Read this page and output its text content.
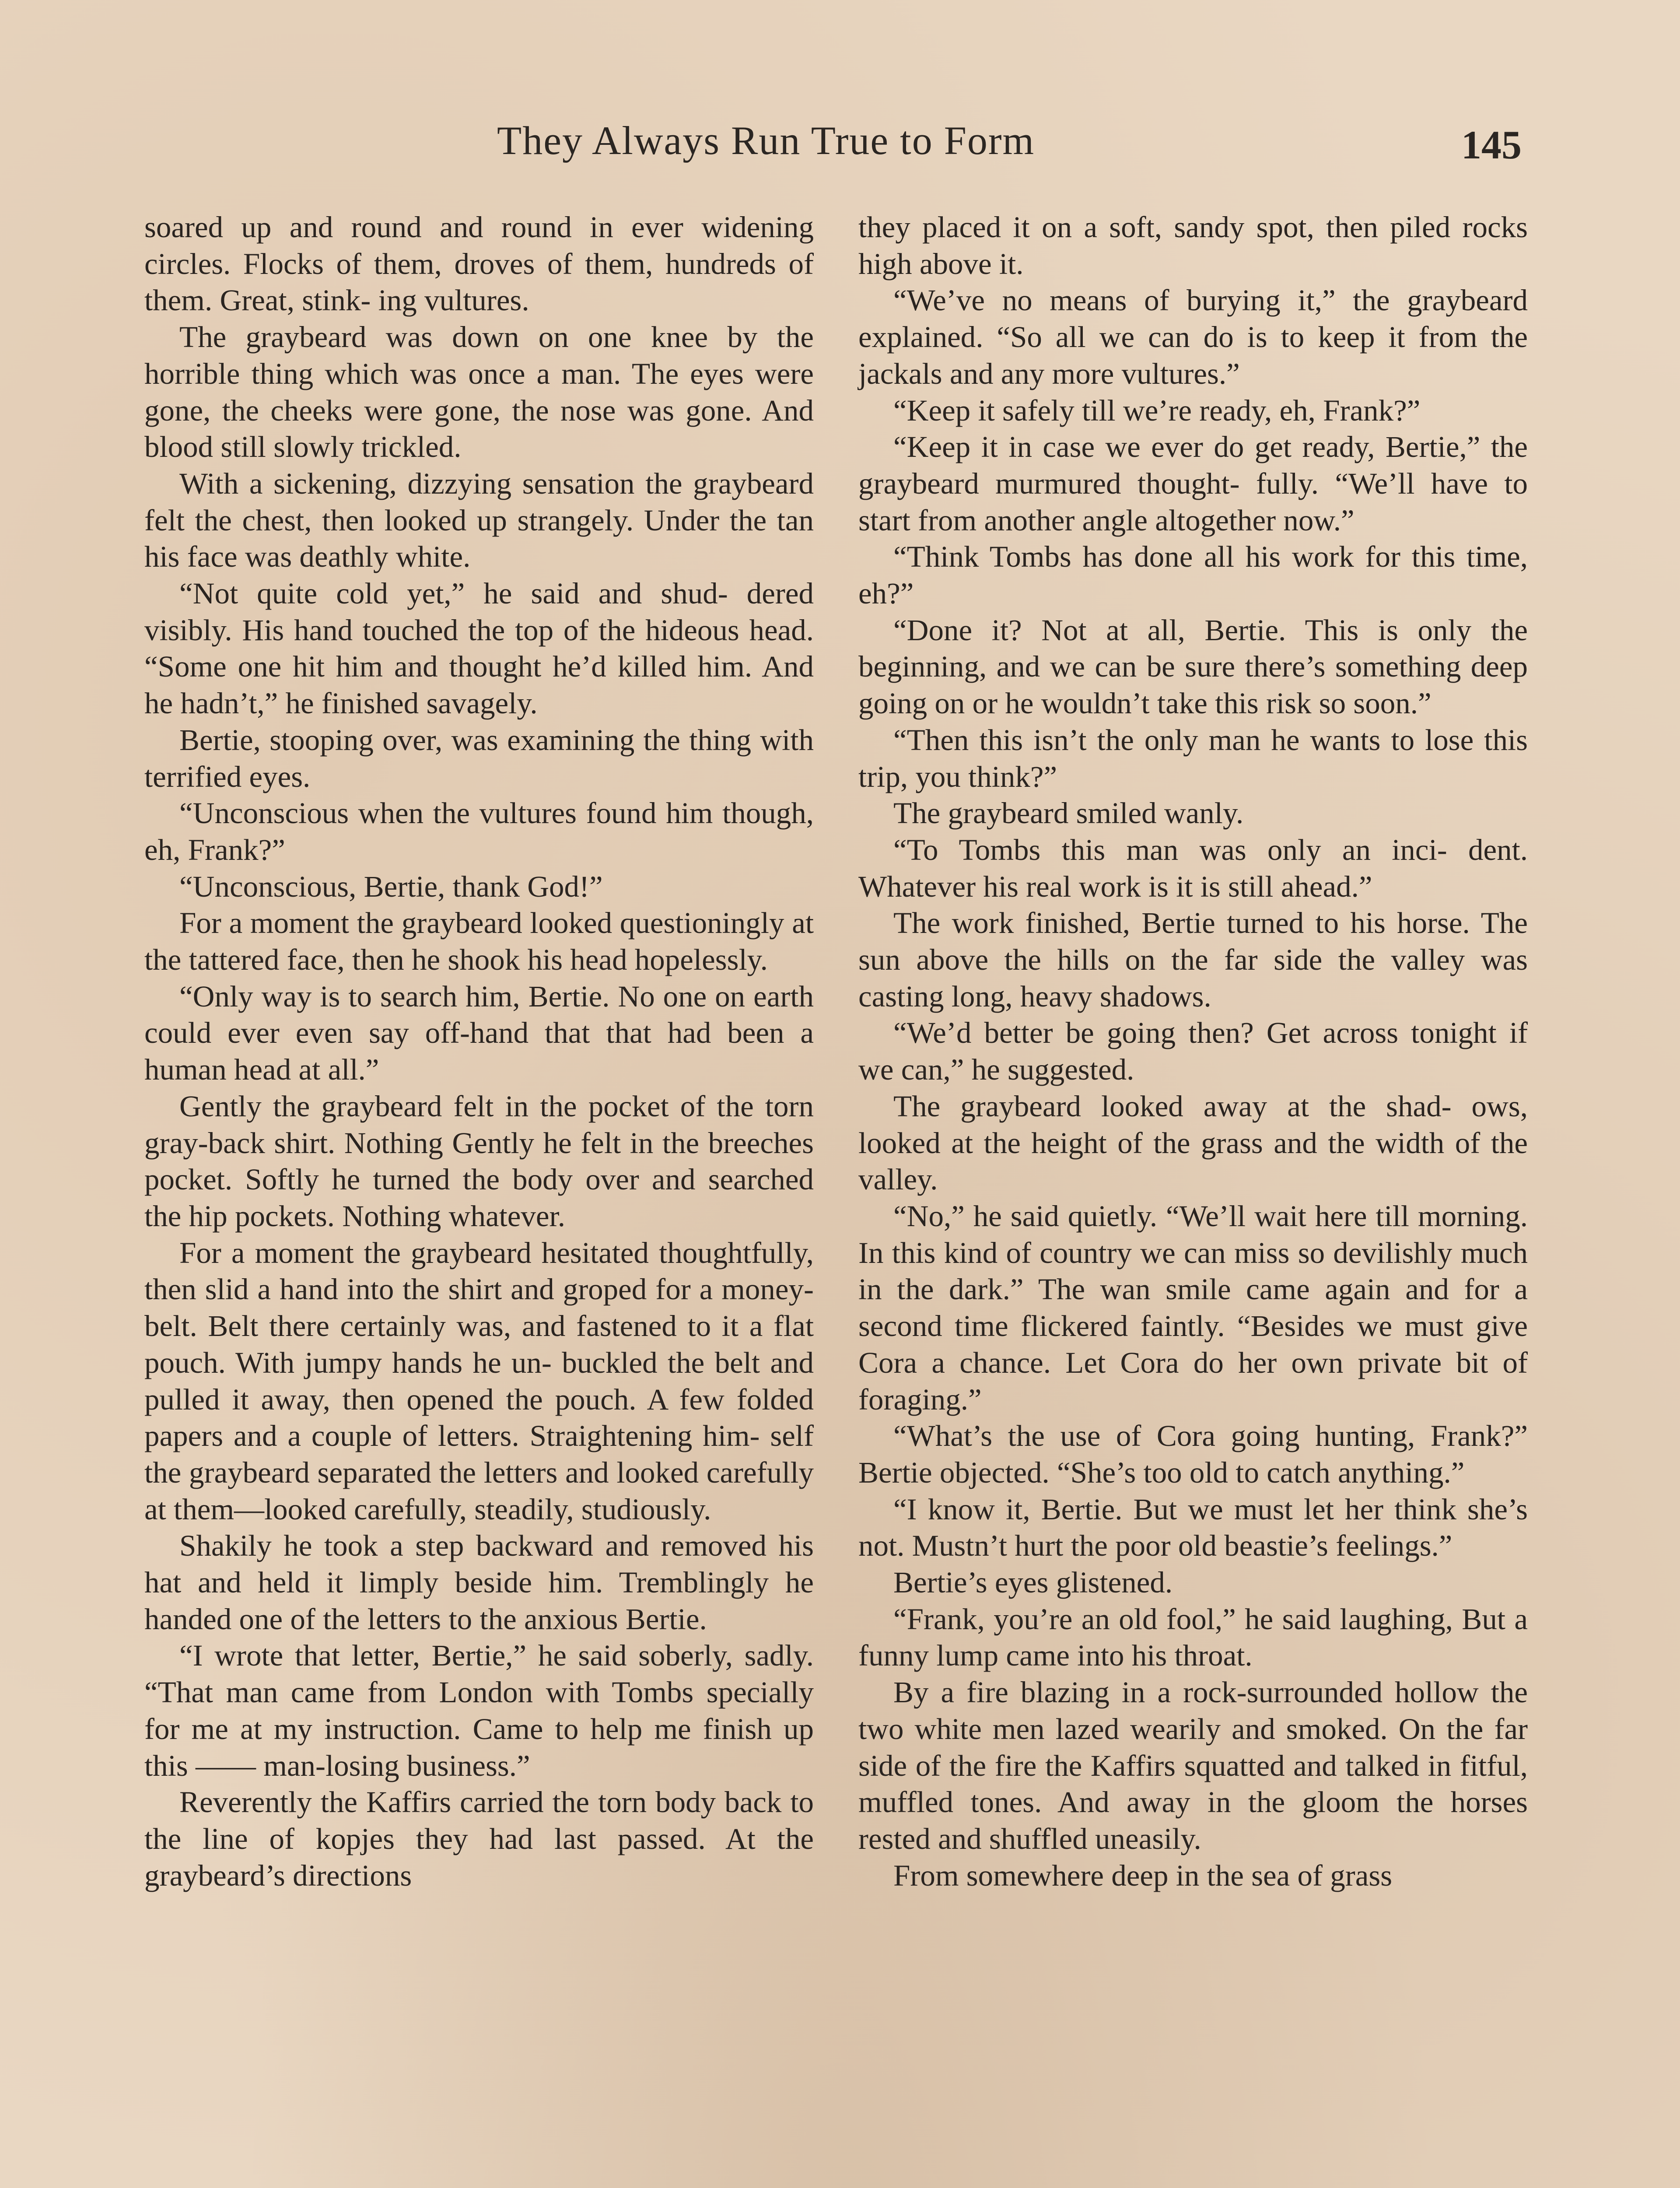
They Always Run True to Form	145

soared up and round and round in ever widening circles. Flocks of them, droves of them, hundreds of them. Great, stink- ing vultures.

The graybeard was down on one knee by the horrible thing which was once a man. The eyes were gone, the cheeks were gone, the nose was gone. And blood still slowly trickled.

With a sickening, dizzying sensation the graybeard felt the chest, then looked up strangely. Under the tan his face was deathly white.

“Not quite cold yet,” he said and shud- dered visibly. His hand touched the top of the hideous head. “Some one hit him and thought he’d killed him. And he hadn’t,” he finished savagely.

Bertie, stooping over, was examining the thing with terrified eyes.

“Unconscious when the vultures found him though, eh, Frank?”

“Unconscious, Bertie, thank God!”

For a moment the graybeard looked questioningly at the tattered face, then he shook his head hopelessly.

“Only way is to search him, Bertie. No one on earth could ever even say off-hand that that had been a human head at all.”

Gently the graybeard felt in the pocket of the torn gray-back shirt. Nothing Gently he felt in the breeches pocket. Softly he turned the body over and searched the hip pockets. Nothing whatever.

For a moment the graybeard hesitated thoughtfully, then slid a hand into the shirt and groped for a money-belt. Belt there certainly was, and fastened to it a flat pouch. With jumpy hands he un- buckled the belt and pulled it away, then opened the pouch. A few folded papers and a couple of letters. Straightening him- self the graybeard separated the letters and looked carefully at them—looked carefully, steadily, studiously.

Shakily he took a step backward and removed his hat and held it limply beside him. Tremblingly he handed one of the letters to the anxious Bertie.

“I wrote that letter, Bertie,” he said soberly, sadly. “That man came from London with Tombs specially for me at my instruction. Came to help me finish up this —— man-losing business.”

Reverently the Kaffirs carried the torn body back to the line of kopjes they had last passed. At the graybeard’s directions

they placed it on a soft, sandy spot, then piled rocks high above it.

“We’ve no means of burying it,” the graybeard explained. “So all we can do is to keep it from the jackals and any more vultures.”

“Keep it safely till we’re ready, eh, Frank?”

“Keep it in case we ever do get ready, Bertie,” the graybeard murmured thought- fully. “We’ll have to start from another angle altogether now.”

“Think Tombs has done all his work for this time, eh?”

“Done it? Not at all, Bertie. This is only the beginning, and we can be sure there’s something deep going on or he wouldn’t take this risk so soon.”

“Then this isn’t the only man he wants to lose this trip, you think?”

The graybeard smiled wanly.

“To Tombs this man was only an inci- dent. Whatever his real work is it is still ahead.”

The work finished, Bertie turned to his horse. The sun above the hills on the far side the valley was casting long, heavy shadows.

“We’d better be going then? Get across tonight if we can,” he suggested.

The graybeard looked away at the shad- ows, looked at the height of the grass and the width of the valley.

“No,” he said quietly. “We’ll wait here till morning. In this kind of country we can miss so devilishly much in the dark.” The wan smile came again and for a second time flickered faintly. “Besides we must give Cora a chance. Let Cora do her own private bit of foraging.”

“What’s the use of Cora going hunting, Frank?” Bertie objected. “She’s too old to catch anything.”

“I know it, Bertie. But we must let her think she’s not. Mustn’t hurt the poor old beastie’s feelings.”

Bertie’s eyes glistened.

“Frank, you’re an old fool,” he said laughing, But a funny lump came into his throat.

By a fire blazing in a rock-surrounded hollow the two white men lazed wearily and smoked. On the far side of the fire the Kaffirs squatted and talked in fitful, muffled tones. And away in the gloom the horses rested and shuffled uneasily.

From somewhere deep in the sea of grass
